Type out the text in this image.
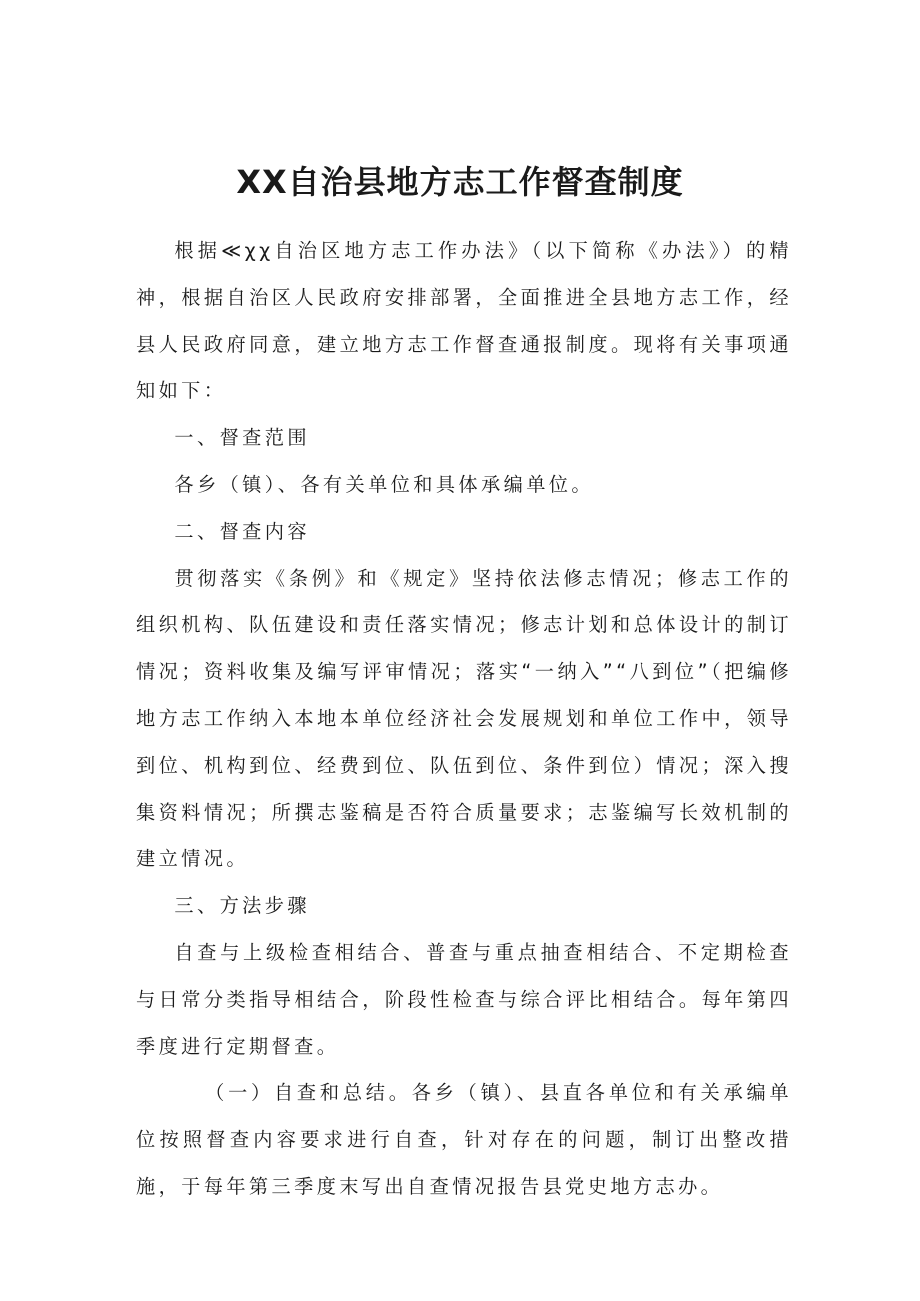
XX自治县地方志工作督查制度

根据≪χχ自治区地方志工作办法》（以下简称《办法》）的精神，根据自治区人民政府安排部署，全面推进全县地方志工作，经县人民政府同意，建立地方志工作督查通报制度。现将有关事项通知如下：

一、督查范围

各乡（镇）、各有关单位和具体承编单位。

二、督查内容

贯彻落实《条例》和《规定》坚持依法修志情况；修志工作的组织机构、队伍建设和责任落实情况；修志计划和总体设计的制订情况；资料收集及编写评审情况；落实“一纳入”“八到位”（把编修地方志工作纳入本地本单位经济社会发展规划和单位工作中，领导到位、机构到位、经费到位、队伍到位、条件到位）情况；深入搜集资料情况；所撰志鉴稿是否符合质量要求；志鉴编写长效机制的建立情况。

三、方法步骤

自查与上级检查相结合、普查与重点抽查相结合、不定期检查与日常分类指导相结合，阶段性检查与综合评比相结合。每年第四季度进行定期督查。

（一）自查和总结。各乡（镇）、县直各单位和有关承编单位按照督查内容要求进行自查，针对存在的问题，制订出整改措施，于每年第三季度末写出自查情况报告县党史地方志办。
